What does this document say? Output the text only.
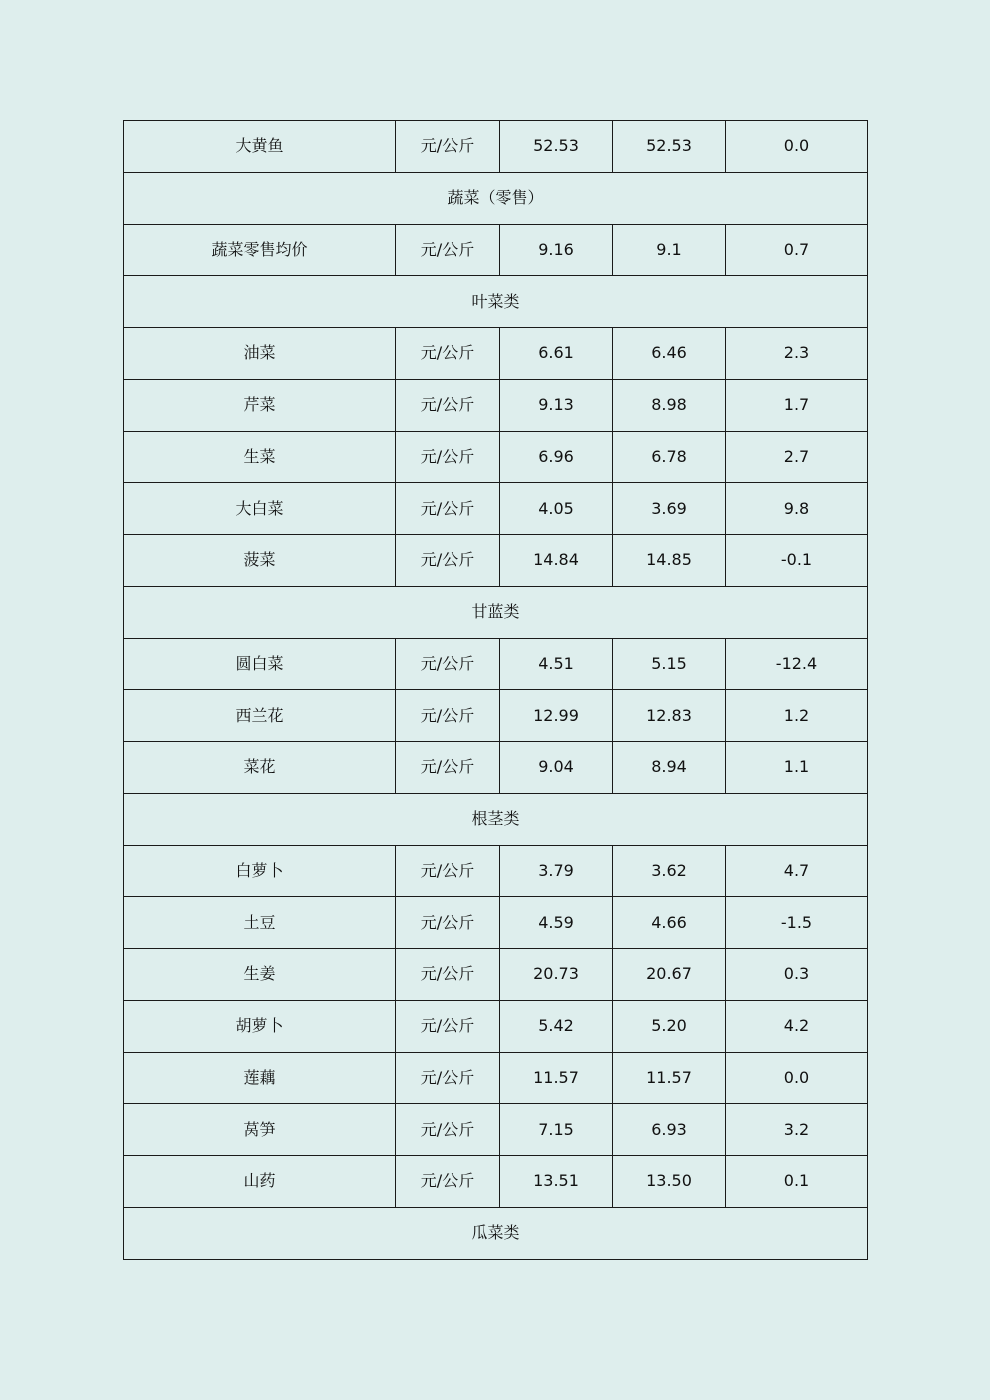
大黄鱼	元/公斤	52.53	52.53	0.0
蔬菜（零售）				
蔬菜零售均价	元/公斤	9.16	9.1	0.7
叶菜类				
油菜	元/公斤	6.61	6.46	2.3
芹菜	元/公斤	9.13	8.98	1.7
生菜	元/公斤	6.96	6.78	2.7
大白菜	元/公斤	4.05	3.69	9.8
菠菜	元/公斤	14.84	14.85	-0.1
甘蓝类				
圆白菜	元/公斤	4.51	5.15	-12.4
西兰花	元/公斤	12.99	12.83	1.2
菜花	元/公斤	9.04	8.94	1.1
根茎类				
白萝卜	元/公斤	3.79	3.62	4.7
土豆	元/公斤	4.59	4.66	-1.5
生姜	元/公斤	20.73	20.67	0.3
胡萝卜	元/公斤	5.42	5.20	4.2
莲藕	元/公斤	11.57	11.57	0.0
莴笋	元/公斤	7.15	6.93	3.2
山药	元/公斤	13.51	13.50	0.1
瓜菜类				
